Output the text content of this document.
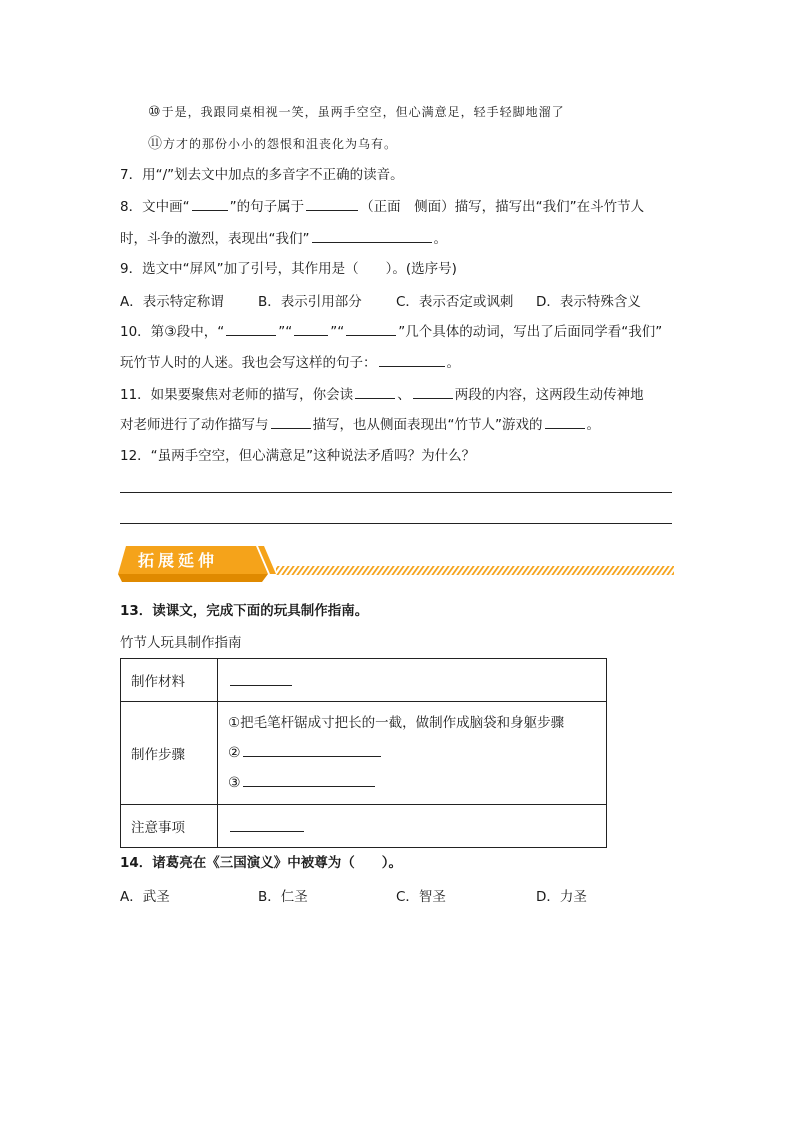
⑩于是，我跟同桌相视一笑，虽两手空空，但心满意足，轻手轻脚地溜了
⑪方才的那份小小的怨恨和沮丧化为乌有。
7．用“/”划去文中加点的多音字不正确的读音。
8．文中画“	”的句子属于	（正面　侧面）描写，描写出“我们”在斗竹节人
时，斗争的激烈，表现出“我们”	。
9．选文中“屏风”加了引号，其作用是（　　）。(选序号)
A．表示特定称谓	B．表示引用部分	C．表示否定或讽刺 D．表示特殊含义
10．第③段中，“	”“	”“	”几个具体的动词，写出了后面同学看“我们”
玩竹节人时的人迷。我也会写这样的句子：	。
11．如果要聚焦对老师的描写，你会读	、	两段的内容，这两段生动传神地
对老师进行了动作描写与	描写，也从侧面表现出“竹节人”游戏的	。
12．“虽两手空空，但心满意足”这种说法矛盾吗？为什么？
拓展延伸
13．读课文，完成下面的玩具制作指南。
竹节人玩具制作指南
制作材料	
制作步骤	①把毛笔杆锯成寸把长的一截，做制作成脑袋和身躯步骤
②
③

注意事项	
14．诸葛亮在《三国演义》中被尊为（　　）。
A．武圣	B．仁圣	C．智圣	D．力圣
